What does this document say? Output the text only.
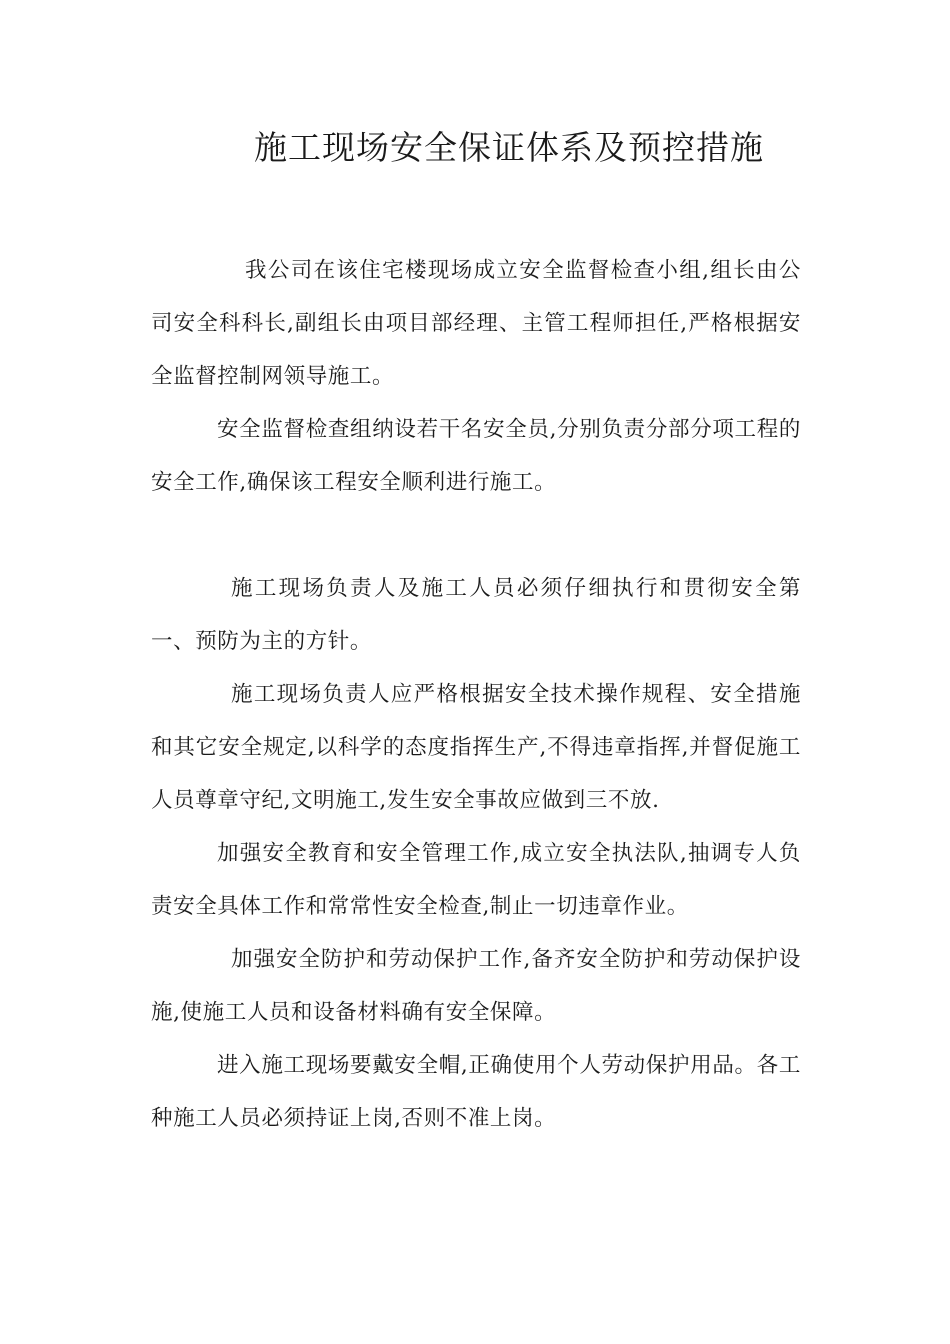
施工现场安全保证体系及预控措施

我公司在该住宅楼现场成立安全监督检查小组,组长由公司安全科科长,副组长由项目部经理、主管工程师担任,严格根据安全监督控制网领导施工。

安全监督检查组纳设若干名安全员,分别负责分部分项工程的安全工作,确保该工程安全顺利进行施工。

施工现场负责人及施工人员必须仔细执行和贯彻安全第一、预防为主的方针。

施工现场负责人应严格根据安全技术操作规程、安全措施和其它安全规定,以科学的态度指挥生产,不得违章指挥,并督促施工人员尊章守纪,文明施工,发生安全事故应做到三不放.

加强安全教育和安全管理工作,成立安全执法队,抽调专人负责安全具体工作和常常性安全检查,制止一切违章作业。

加强安全防护和劳动保护工作,备齐安全防护和劳动保护设施,使施工人员和设备材料确有安全保障。

进入施工现场要戴安全帽,正确使用个人劳动保护用品。各工种施工人员必须持证上岗,否则不准上岗。
